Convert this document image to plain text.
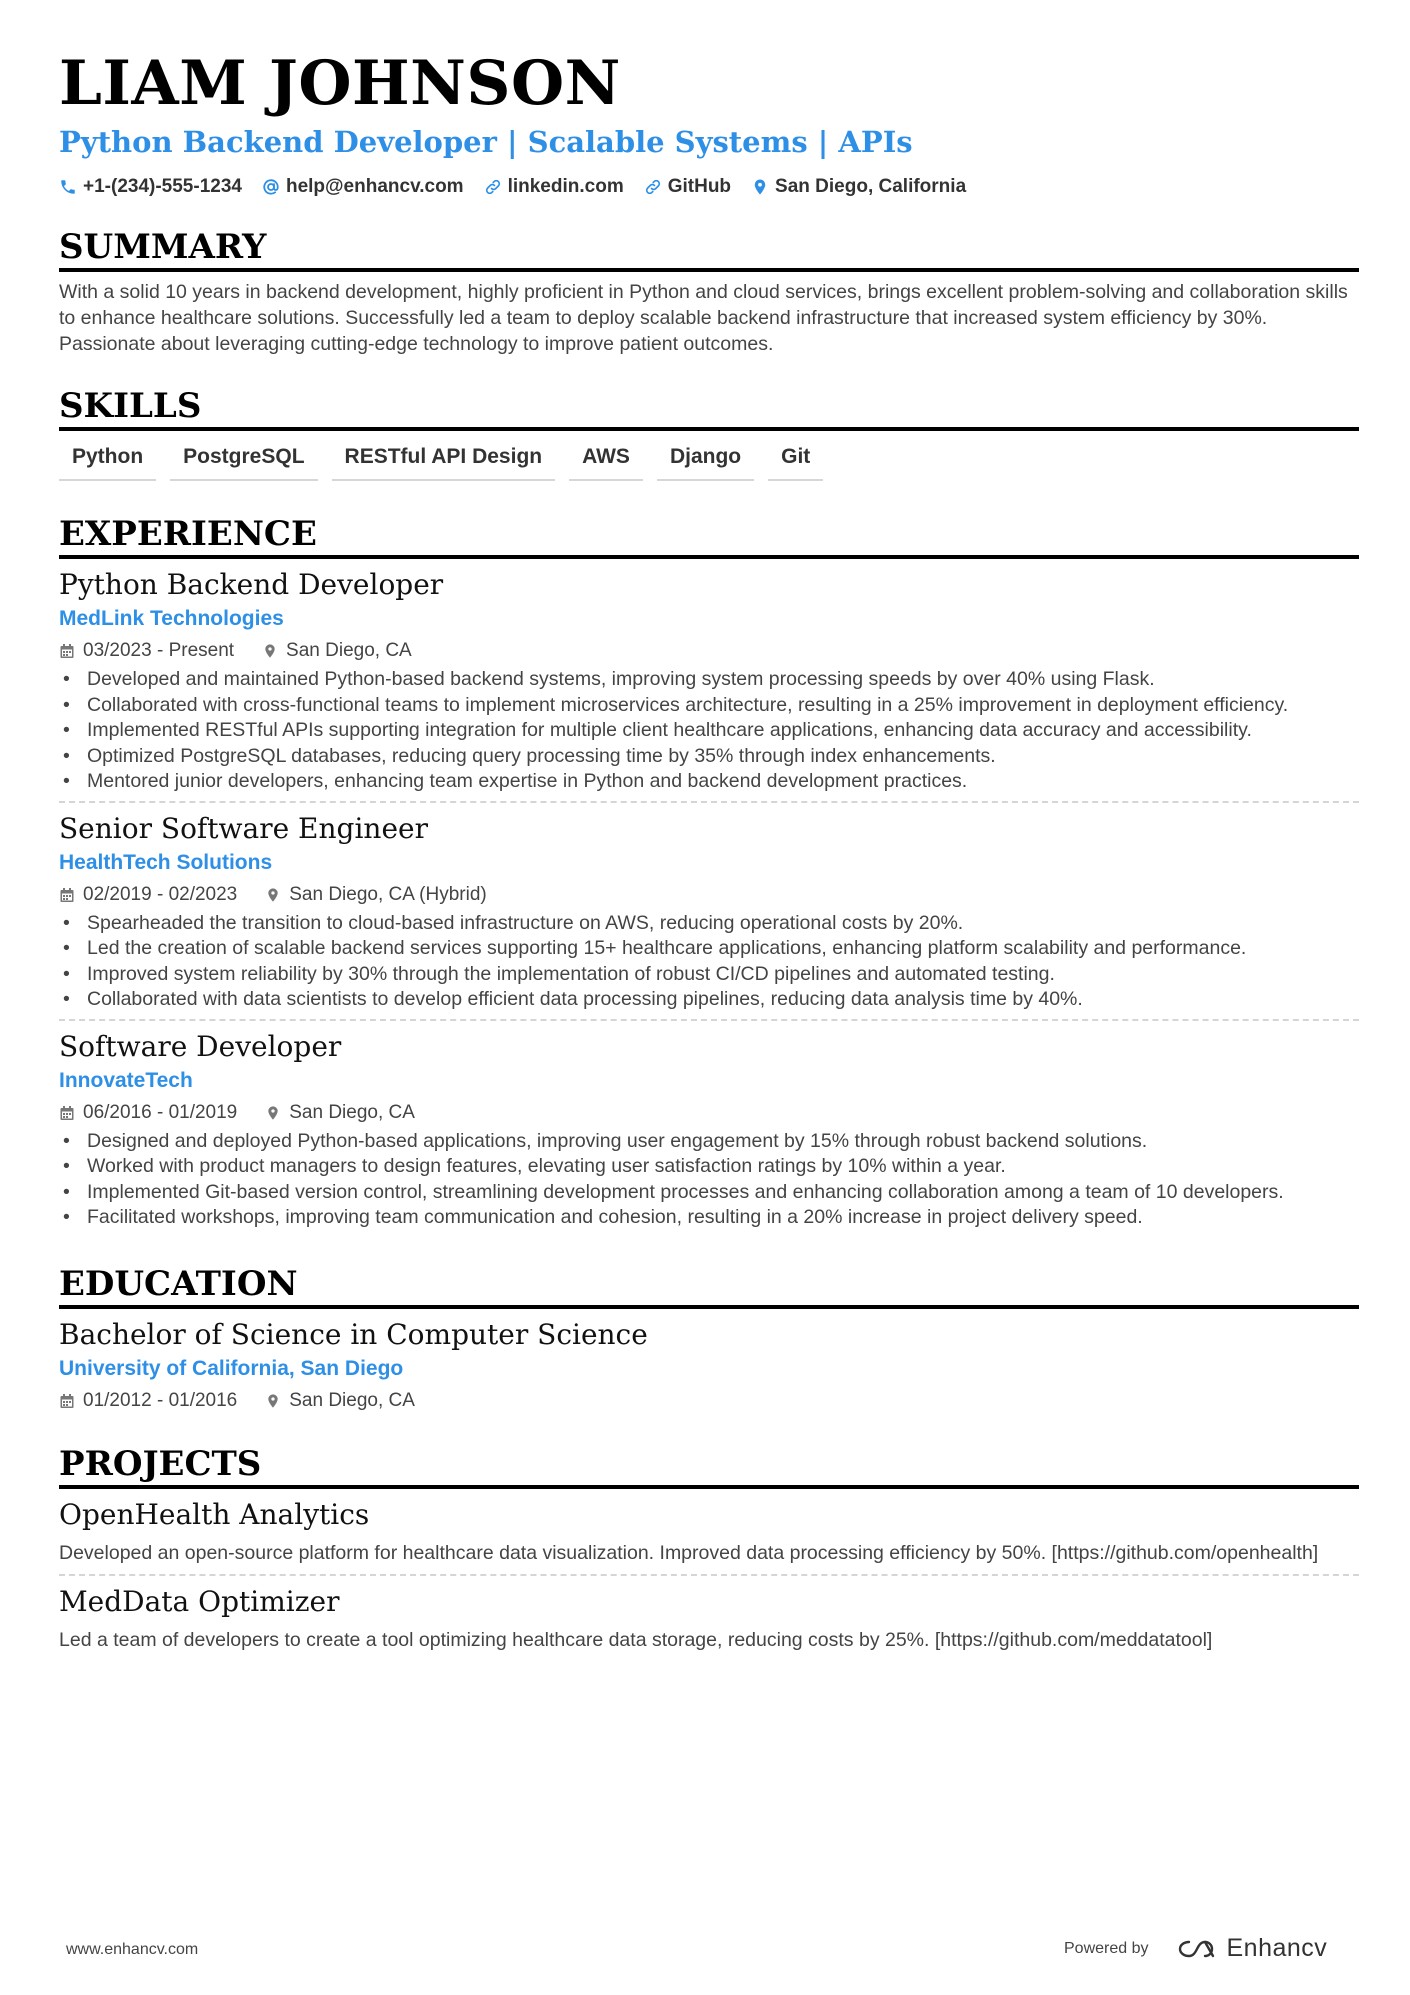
LIAM JOHNSON
Python Backend Developer | Scalable Systems | APIs
+1-(234)-555-1234 help@enhancv.com linkedin.com GitHub San Diego, California
SUMMARY
With a solid 10 years in backend development, highly proficient in Python and cloud services, brings excellent problem-solving and collaboration skills to enhance healthcare solutions. Successfully led a team to deploy scalable backend infrastructure that increased system efficiency by 30%. Passionate about leveraging cutting-edge technology to improve patient outcomes.
SKILLS
Python	PostgreSQL	RESTful API Design	AWS	Django	Git
EXPERIENCE
Python Backend Developer
MedLink Technologies
03/2023 - Present	San Diego, CA
• Developed and maintained Python-based backend systems, improving system processing speeds by over 40% using Flask.
• Collaborated with cross-functional teams to implement microservices architecture, resulting in a 25% improvement in deployment efficiency.
• Implemented RESTful APIs supporting integration for multiple client healthcare applications, enhancing data accuracy and accessibility.
• Optimized PostgreSQL databases, reducing query processing time by 35% through index enhancements.
• Mentored junior developers, enhancing team expertise in Python and backend development practices.
Senior Software Engineer
HealthTech Solutions
02/2019 - 02/2023	San Diego, CA (Hybrid)
• Spearheaded the transition to cloud-based infrastructure on AWS, reducing operational costs by 20%.
• Led the creation of scalable backend services supporting 15+ healthcare applications, enhancing platform scalability and performance.
• Improved system reliability by 30% through the implementation of robust CI/CD pipelines and automated testing.
• Collaborated with data scientists to develop efficient data processing pipelines, reducing data analysis time by 40%.
Software Developer
InnovateTech
06/2016 - 01/2019	San Diego, CA
• Designed and deployed Python-based applications, improving user engagement by 15% through robust backend solutions.
• Worked with product managers to design features, elevating user satisfaction ratings by 10% within a year.
• Implemented Git-based version control, streamlining development processes and enhancing collaboration among a team of 10 developers.
• Facilitated workshops, improving team communication and cohesion, resulting in a 20% increase in project delivery speed.
EDUCATION
Bachelor of Science in Computer Science
University of California, San Diego
01/2012 - 01/2016	San Diego, CA
PROJECTS
OpenHealth Analytics
Developed an open-source platform for healthcare data visualization. Improved data processing efficiency by 50%. [https://github.com/openhealth]
MedData Optimizer
Led a team of developers to create a tool optimizing healthcare data storage, reducing costs by 25%. [https://github.com/meddatatool]
www.enhancv.com	Powered by	Enhancv
